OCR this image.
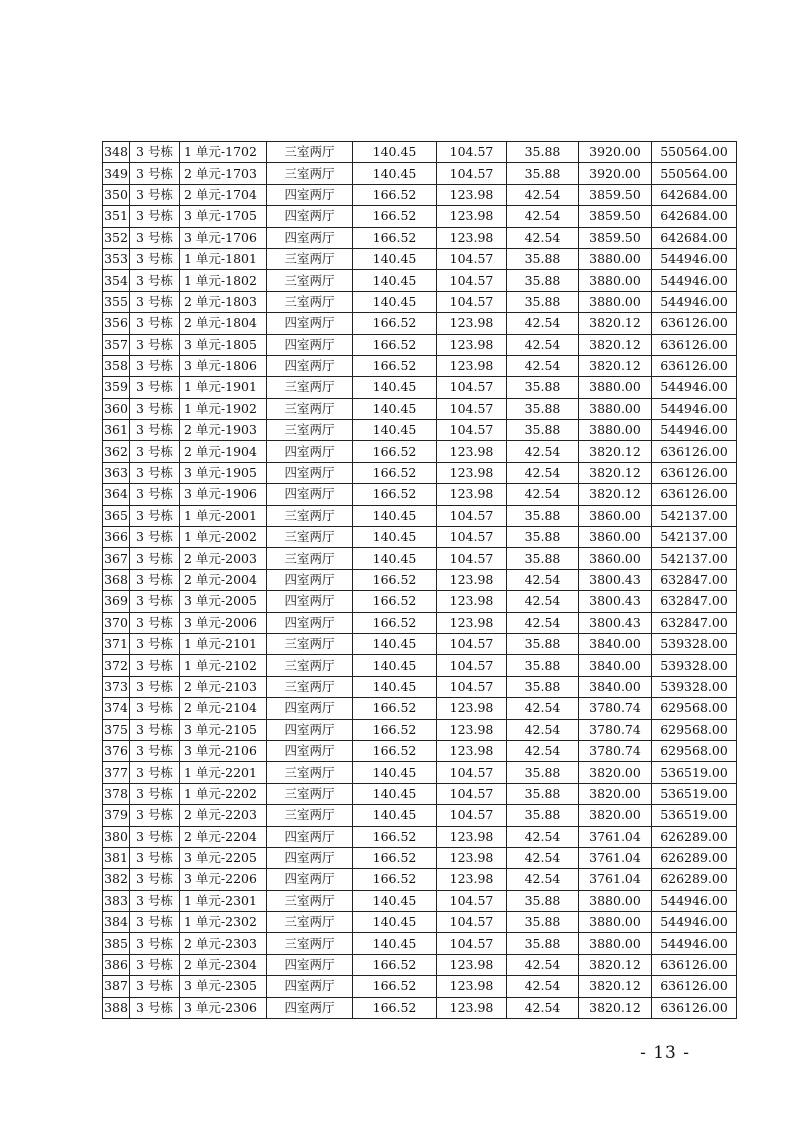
348	3 号栋	1 单元-1702	三室两厅	140.45	104.57	35.88	3920.00	550564.00
349	3 号栋	2 单元-1703	三室两厅	140.45	104.57	35.88	3920.00	550564.00
350	3 号栋	2 单元-1704	四室两厅	166.52	123.98	42.54	3859.50	642684.00
351	3 号栋	3 单元-1705	四室两厅	166.52	123.98	42.54	3859.50	642684.00
352	3 号栋	3 单元-1706	四室两厅	166.52	123.98	42.54	3859.50	642684.00
353	3 号栋	1 单元-1801	三室两厅	140.45	104.57	35.88	3880.00	544946.00
354	3 号栋	1 单元-1802	三室两厅	140.45	104.57	35.88	3880.00	544946.00
355	3 号栋	2 单元-1803	三室两厅	140.45	104.57	35.88	3880.00	544946.00
356	3 号栋	2 单元-1804	四室两厅	166.52	123.98	42.54	3820.12	636126.00
357	3 号栋	3 单元-1805	四室两厅	166.52	123.98	42.54	3820.12	636126.00
358	3 号栋	3 单元-1806	四室两厅	166.52	123.98	42.54	3820.12	636126.00
359	3 号栋	1 单元-1901	三室两厅	140.45	104.57	35.88	3880.00	544946.00
360	3 号栋	1 单元-1902	三室两厅	140.45	104.57	35.88	3880.00	544946.00
361	3 号栋	2 单元-1903	三室两厅	140.45	104.57	35.88	3880.00	544946.00
362	3 号栋	2 单元-1904	四室两厅	166.52	123.98	42.54	3820.12	636126.00
363	3 号栋	3 单元-1905	四室两厅	166.52	123.98	42.54	3820.12	636126.00
364	3 号栋	3 单元-1906	四室两厅	166.52	123.98	42.54	3820.12	636126.00
365	3 号栋	1 单元-2001	三室两厅	140.45	104.57	35.88	3860.00	542137.00
366	3 号栋	1 单元-2002	三室两厅	140.45	104.57	35.88	3860.00	542137.00
367	3 号栋	2 单元-2003	三室两厅	140.45	104.57	35.88	3860.00	542137.00
368	3 号栋	2 单元-2004	四室两厅	166.52	123.98	42.54	3800.43	632847.00
369	3 号栋	3 单元-2005	四室两厅	166.52	123.98	42.54	3800.43	632847.00
370	3 号栋	3 单元-2006	四室两厅	166.52	123.98	42.54	3800.43	632847.00
371	3 号栋	1 单元-2101	三室两厅	140.45	104.57	35.88	3840.00	539328.00
372	3 号栋	1 单元-2102	三室两厅	140.45	104.57	35.88	3840.00	539328.00
373	3 号栋	2 单元-2103	三室两厅	140.45	104.57	35.88	3840.00	539328.00
374	3 号栋	2 单元-2104	四室两厅	166.52	123.98	42.54	3780.74	629568.00
375	3 号栋	3 单元-2105	四室两厅	166.52	123.98	42.54	3780.74	629568.00
376	3 号栋	3 单元-2106	四室两厅	166.52	123.98	42.54	3780.74	629568.00
377	3 号栋	1 单元-2201	三室两厅	140.45	104.57	35.88	3820.00	536519.00
378	3 号栋	1 单元-2202	三室两厅	140.45	104.57	35.88	3820.00	536519.00
379	3 号栋	2 单元-2203	三室两厅	140.45	104.57	35.88	3820.00	536519.00
380	3 号栋	2 单元-2204	四室两厅	166.52	123.98	42.54	3761.04	626289.00
381	3 号栋	3 单元-2205	四室两厅	166.52	123.98	42.54	3761.04	626289.00
382	3 号栋	3 单元-2206	四室两厅	166.52	123.98	42.54	3761.04	626289.00
383	3 号栋	1 单元-2301	三室两厅	140.45	104.57	35.88	3880.00	544946.00
384	3 号栋	1 单元-2302	三室两厅	140.45	104.57	35.88	3880.00	544946.00
385	3 号栋	2 单元-2303	三室两厅	140.45	104.57	35.88	3880.00	544946.00
386	3 号栋	2 单元-2304	四室两厅	166.52	123.98	42.54	3820.12	636126.00
387	3 号栋	3 单元-2305	四室两厅	166.52	123.98	42.54	3820.12	636126.00
388	3 号栋	3 单元-2306	四室两厅	166.52	123.98	42.54	3820.12	636126.00
- 13 -
